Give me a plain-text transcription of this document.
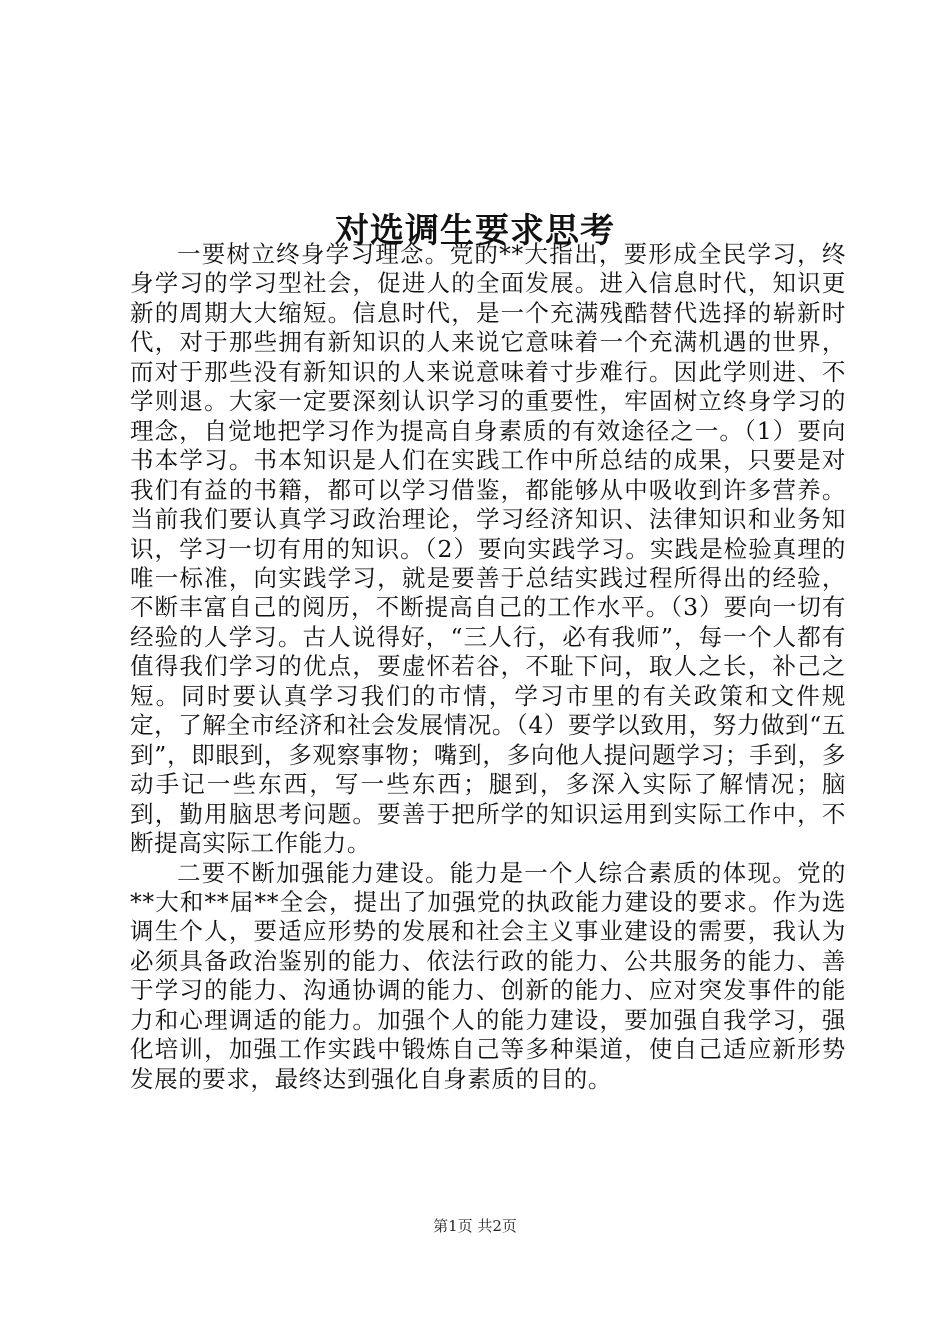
对选调生要求思考

一要树立终身学习理念。党的**大指出，要形成全民学习，终身学习的学习型社会，促进人的全面发展。进入信息时代，知识更新的周期大大缩短。信息时代，是一个充满残酷替代选择的崭新时代，对于那些拥有新知识的人来说它意味着一个充满机遇的世界，而对于那些没有新知识的人来说意味着寸步难行。因此学则进、不学则退。大家一定要深刻认识学习的重要性，牢固树立终身学习的理念，自觉地把学习作为提高自身素质的有效途径之一。（1）要向书本学习。书本知识是人们在实践工作中所总结的成果，只要是对我们有益的书籍，都可以学习借鉴，都能够从中吸收到许多营养。当前我们要认真学习政治理论，学习经济知识、法律知识和业务知识，学习一切有用的知识。（2）要向实践学习。实践是检验真理的唯一标准，向实践学习，就是要善于总结实践过程所得出的经验，不断丰富自己的阅历，不断提高自己的工作水平。（3）要向一切有经验的人学习。古人说得好，“三人行，必有我师”，每一个人都有值得我们学习的优点，要虚怀若谷，不耻下问，取人之长，补己之短。同时要认真学习我们的市情，学习市里的有关政策和文件规定，了解全市经济和社会发展情况。（4）要学以致用，努力做到“五到”，即眼到，多观察事物；嘴到，多向他人提问题学习；手到，多动手记一些东西，写一些东西；腿到，多深入实际了解情况；脑到，勤用脑思考问题。要善于把所学的知识运用到实际工作中，不断提高实际工作能力。

二要不断加强能力建设。能力是一个人综合素质的体现。党的**大和**届**全会，提出了加强党的执政能力建设的要求。作为选调生个人，要适应形势的发展和社会主义事业建设的需要，我认为必须具备政治鉴别的能力、依法行政的能力、公共服务的能力、善于学习的能力、沟通协调的能力、创新的能力、应对突发事件的能力和心理调适的能力。加强个人的能力建设，要加强自我学习，强化培训，加强工作实践中锻炼自己等多种渠道，使自己适应新形势发展的要求，最终达到强化自身素质的目的。

第1页 共2页
